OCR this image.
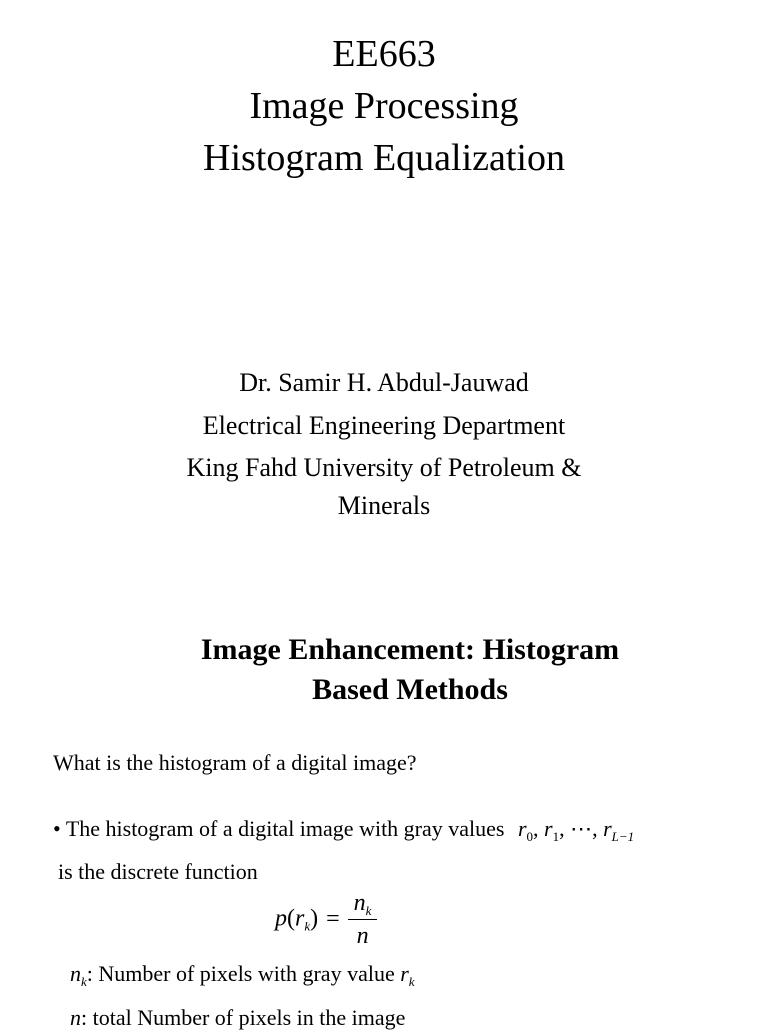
EE663
Image Processing
Histogram Equalization
Dr. Samir H. Abdul-Jauwad
Electrical Engineering Department
King Fahd University of Petroleum &
Minerals
Image Enhancement: Histogram
Based Methods
What is the histogram of a digital image?
• The histogram of a digital image with gray values $r_0$, $r_1$, ⋯, $r_{L-1}$
is the discrete function
$p(r_k) = \frac{n_k}{n}$
$n_k$: Number of pixels with gray value $r_k$
n: total Number of pixels in the image
